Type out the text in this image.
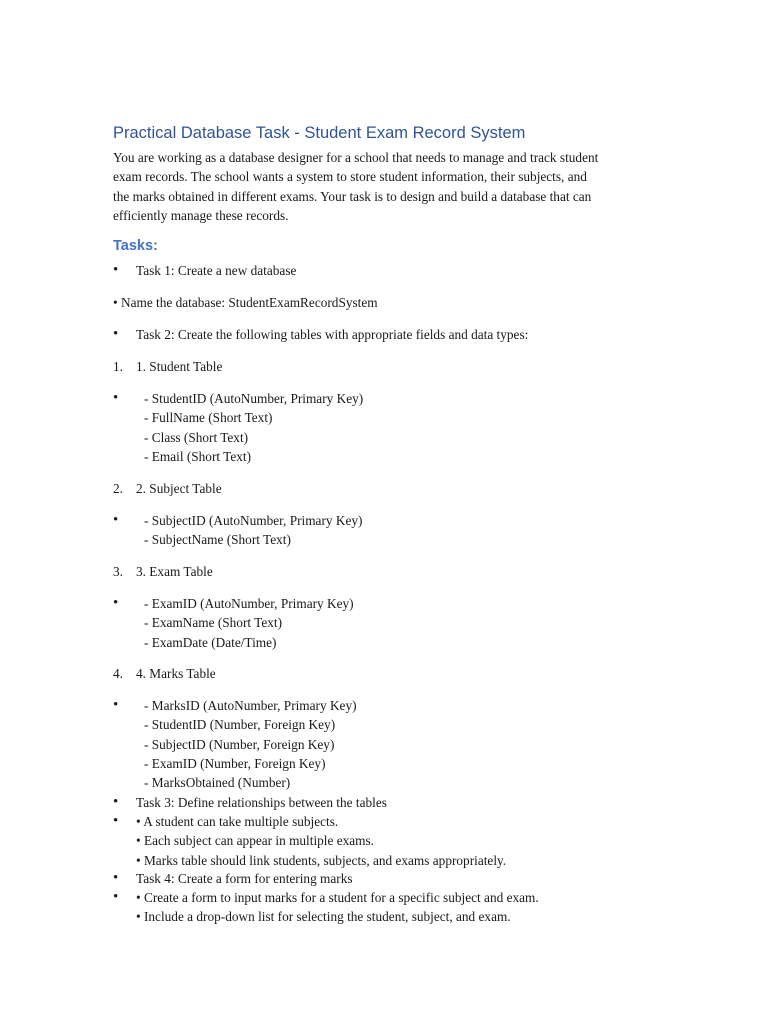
Practical Database Task - Student Exam Record System
You are working as a database designer for a school that needs to manage and track student
exam records. The school wants a system to store student information, their subjects, and
the marks obtained in different exams. Your task is to design and build a database that can
efficiently manage these records.
Tasks:
• Task 1: Create a new database
• Name the database: StudentExamRecordSystem
• Task 2: Create the following tables with appropriate fields and data types:
1. 1. Student Table
• - StudentID (AutoNumber, Primary Key)
- FullName (Short Text)
- Class (Short Text)
- Email (Short Text)
2. 2. Subject Table
• - SubjectID (AutoNumber, Primary Key)
- SubjectName (Short Text)
3. 3. Exam Table
• - ExamID (AutoNumber, Primary Key)
- ExamName (Short Text)
- ExamDate (Date/Time)
4. 4. Marks Table
• - MarksID (AutoNumber, Primary Key)
- StudentID (Number, Foreign Key)
- SubjectID (Number, Foreign Key)
- ExamID (Number, Foreign Key)
- MarksObtained (Number)
• Task 3: Define relationships between the tables
• • A student can take multiple subjects.
• Each subject can appear in multiple exams.
• Marks table should link students, subjects, and exams appropriately.
• Task 4: Create a form for entering marks
• • Create a form to input marks for a student for a specific subject and exam.
• Include a drop-down list for selecting the student, subject, and exam.
